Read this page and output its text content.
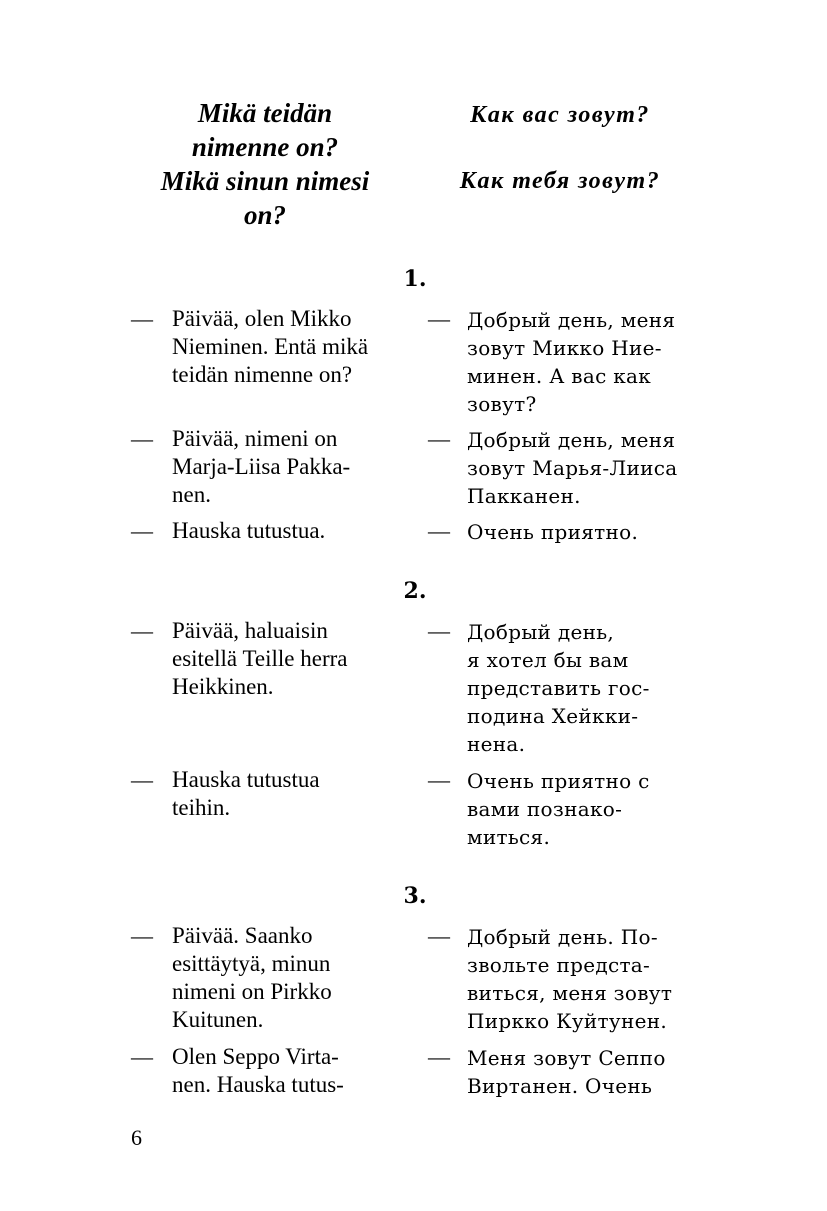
Mikä teidän
nimenne on?
Mikä sinun nimesi
on?
Как вас зовут?
Как тебя зовут?
1.
— Päivää, olen Mikko
Nieminen. Entä mikä
teidän nimenne on?
— Добрый день, меня
зовут Микко Ние-
минен. А вас как
зовут?
— Päivää, nimeni on
Marja-Liisa Pakka-
nen.
— Добрый день, меня
зовут Марья-Лииса
Пакканен.
— Hauska tutustua.	— Очень приятно.
2.
— Päivää, haluaisin
esitellä Teille herra
Heikkinen.
— Добрый день,
я хотел бы вам
представить гос-
подина Хейкки-
нена.
— Hauska tutustua
teihin.
— Очень приятно с
вами познако-
миться.
3.
— Päivää. Saanko
esittäytyä, minun
nimeni on Pirkko
Kuitunen.
— Добрый день. По-
звольте предста-
виться, меня зовут
Пиркко Куйтунен.
— Olen Seppo Virta-
nen. Hauska tutus-
— Меня зовут Сеппо
Виртанен. Очень
6
